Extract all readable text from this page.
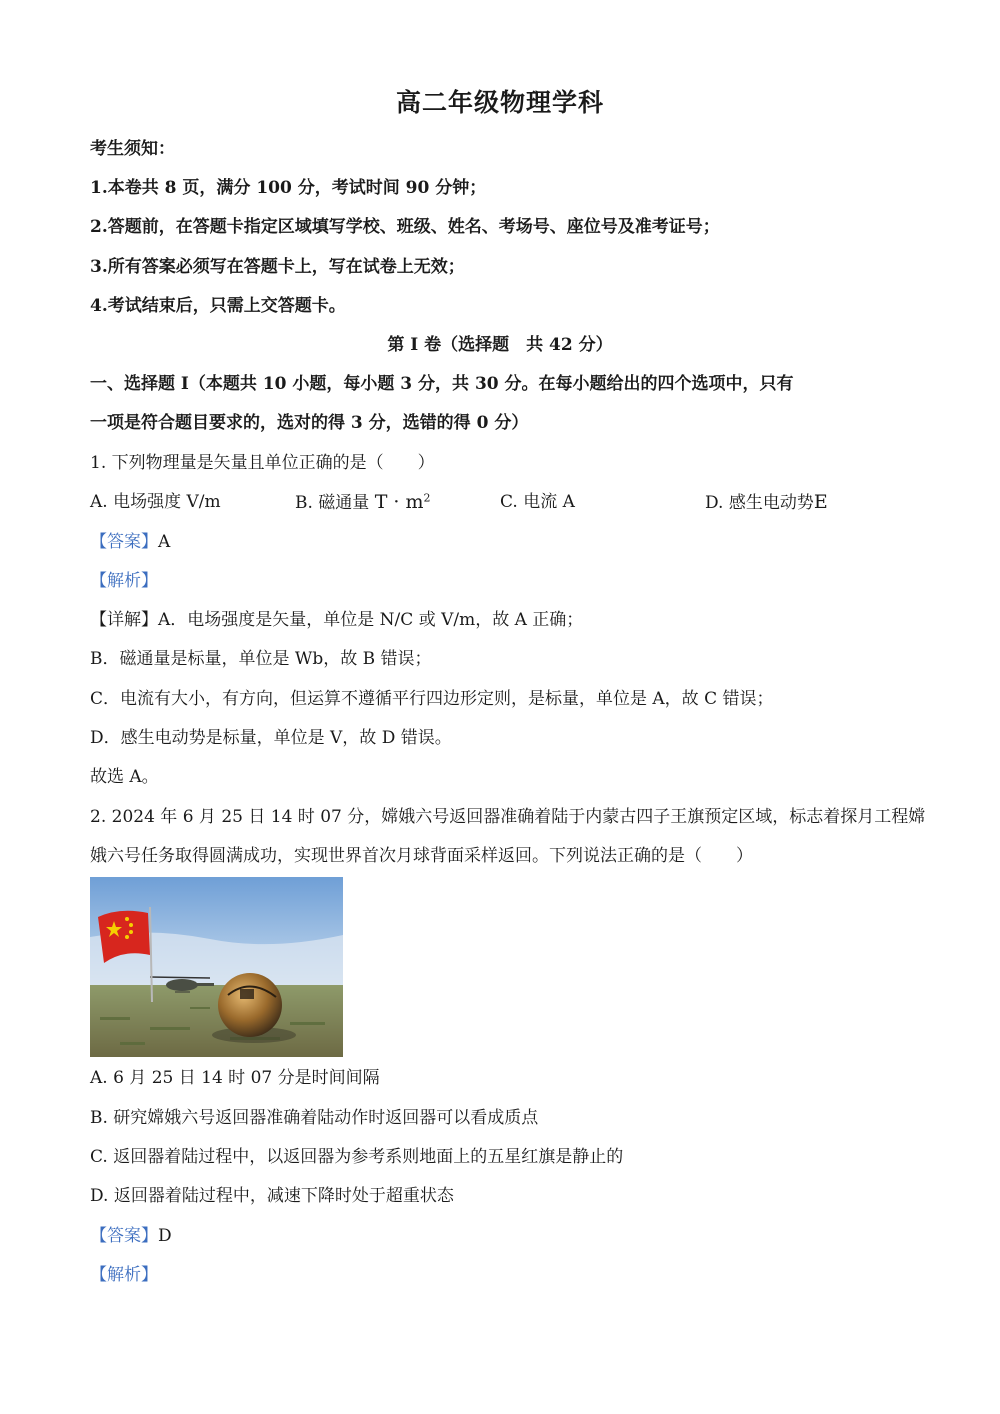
高二年级物理学科
考生须知：
1.本卷共 8 页，满分 100 分，考试时间 90 分钟；
2.答题前，在答题卡指定区域填写学校、班级、姓名、考场号、座位号及准考证号；
3.所有答案必须写在答题卡上，写在试卷上无效；
4.考试结束后，只需上交答题卡。
第 I 卷（选择题　共 42 分）
一、选择题 I（本题共 10 小题，每小题 3 分，共 30 分。在每小题给出的四个选项中，只有
一项是符合题目要求的，选对的得 3 分，选错的得 0 分）
1. 下列物理量是矢量且单位正确的是（　　）
A. 电场强度 V/m	B. 磁通量 $T \cdot m^2$	C. 电流 A	D. 感生电动势E
【答案】A
【解析】
【详解】A．电场强度是矢量，单位是 N/C 或 V/m，故 A 正确；
B．磁通量是标量，单位是 Wb，故 B 错误；
C．电流有大小，有方向，但运算不遵循平行四边形定则，是标量，单位是 A，故 C 错误；
D．感生电动势是标量，单位是 V，故 D 错误。
故选 A。
2. 2024 年 6 月 25 日 14 时 07 分，嫦娥六号返回器准确着陆于内蒙古四子王旗预定区域，标志着探月工程嫦
娥六号任务取得圆满成功，实现世界首次月球背面采样返回。下列说法正确的是（　　）
A. 6 月 25 日 14 时 07 分是时间间隔
B. 研究嫦娥六号返回器准确着陆动作时返回器可以看成质点
C. 返回器着陆过程中，以返回器为参考系则地面上的五星红旗是静止的
D. 返回器着陆过程中，减速下降时处于超重状态
【答案】D
【解析】
